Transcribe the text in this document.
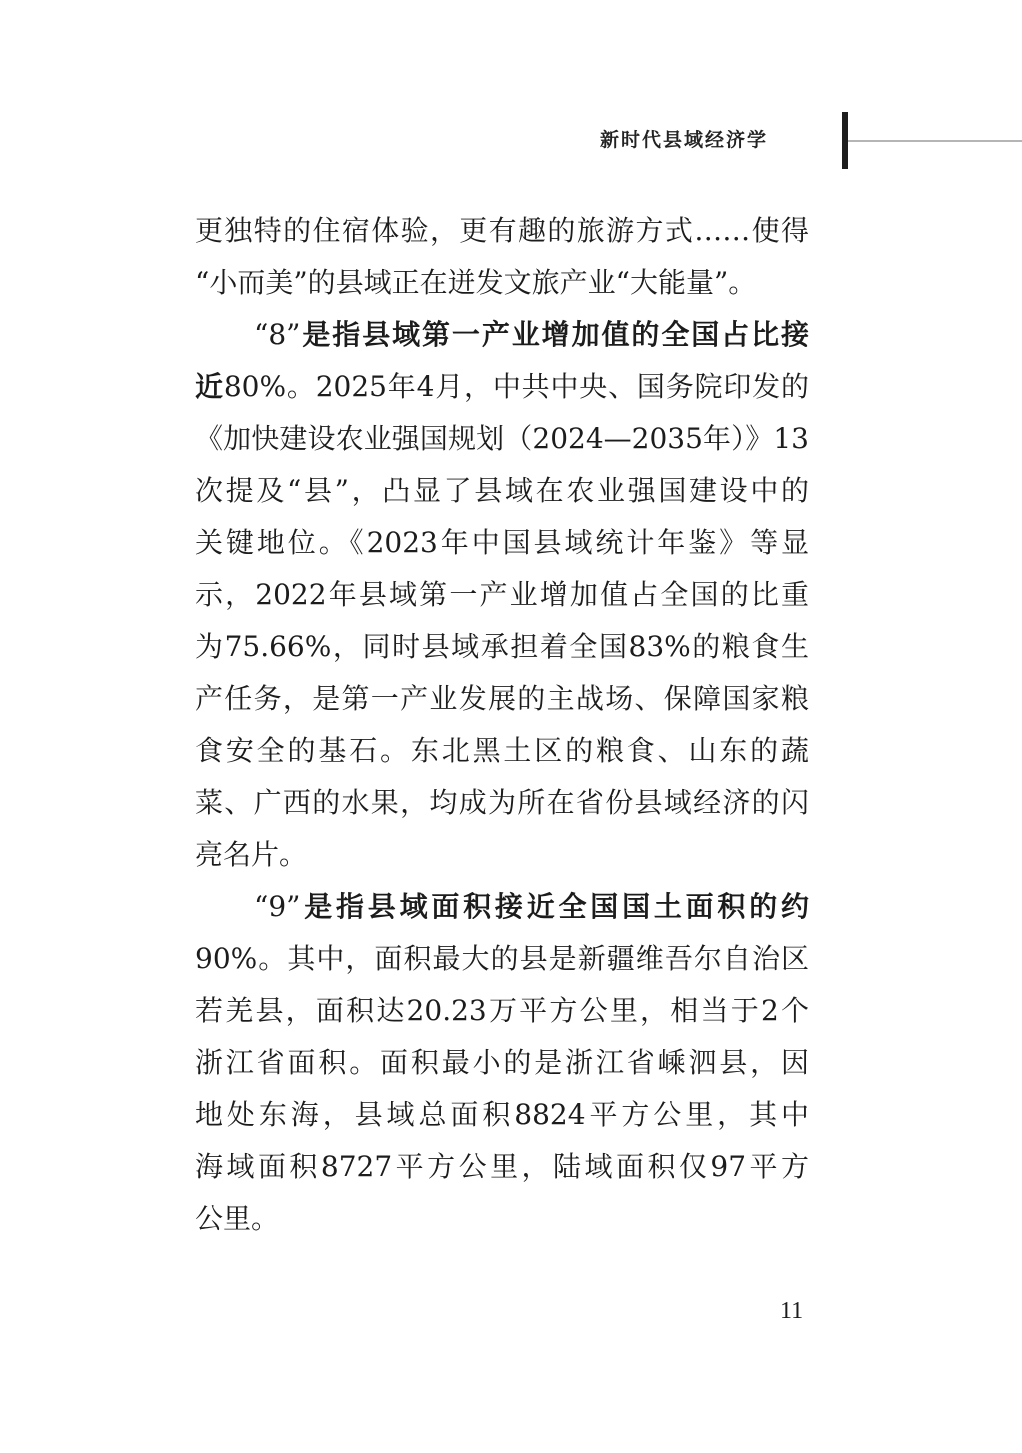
新时代县域经济学
更独特的住宿体验，更有趣的旅游方式……使得
“小而美”的县域正在迸发文旅产业“大能量”。
“8”是指县域第一产业增加值的全国占比接
近80%。2025年4月，中共中央、国务院印发的
《加快建设农业强国规划（2024—2035年）》13
次提及“县”，凸显了县域在农业强国建设中的
关键地位。《2023年中国县域统计年鉴》等显
示，2022年县域第一产业增加值占全国的比重
为75.66%，同时县域承担着全国83%的粮食生
产任务，是第一产业发展的主战场、保障国家粮
食安全的基石。东北黑土区的粮食、山东的蔬
菜、广西的水果，均成为所在省份县域经济的闪
亮名片。
“9”是指县域面积接近全国国土面积的约
90%。其中，面积最大的县是新疆维吾尔自治区
若羌县，面积达20.23万平方公里，相当于2个
浙江省面积。面积最小的是浙江省嵊泗县，因
地处东海，县域总面积8824平方公里，其中
海域面积8727平方公里，陆域面积仅97平方
公里。
11
